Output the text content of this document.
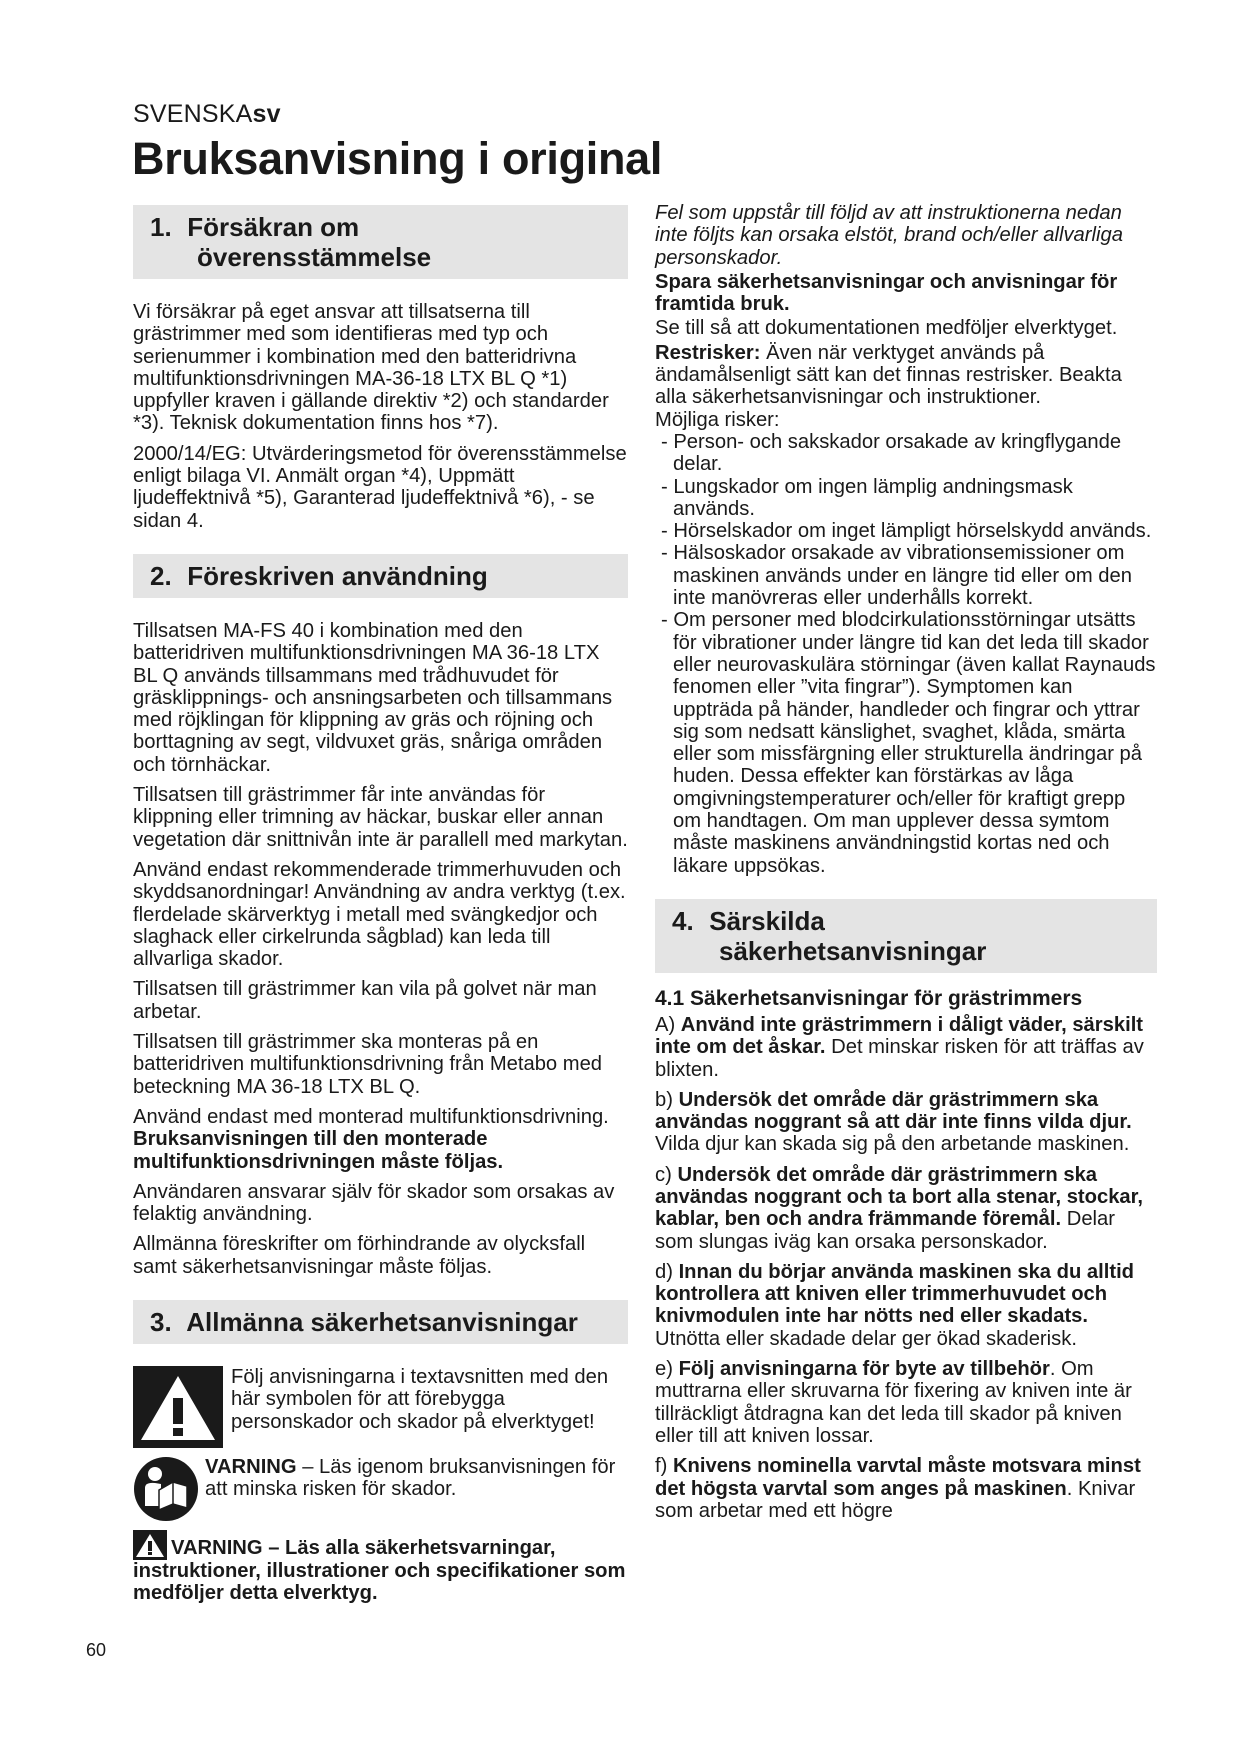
SVENSKAsv
Bruksanvisning i original
1. Försäkran om
överensstämmelse

Vi försäkrar på eget ansvar att tillsatserna till grästrimmer med som identifieras med typ och serienummer i kombination med den batteridrivna multifunktionsdrivningen MA-36-18 LTX BL Q *1) uppfyller kraven i gällande direktiv *2) och standarder *3). Teknisk dokumentation finns hos *7).

2000/14/EG: Utvärderingsmetod för överensstämmelse enligt bilaga VI. Anmält organ *4), Uppmätt ljudeffektnivå *5), Garanterad ljudeffektnivå *6), - se sidan 4.

2. Föreskriven användning

Tillsatsen MA-FS 40 i kombination med den batteridriven multifunktionsdrivningen MA 36-18 LTX BL Q används tillsammans med trådhuvudet för gräsklippnings- och ansningsarbeten och tillsammans med röjklingan för klippning av gräs och röjning och borttagning av segt, vildvuxet gräs, snåriga områden och törnhäckar.

Tillsatsen till grästrimmer får inte användas för klippning eller trimning av häckar, buskar eller annan vegetation där snittnivån inte är parallell med markytan.

Använd endast rekommenderade trimmerhuvuden och skyddsanordningar! Användning av andra verktyg (t.ex. flerdelade skärverktyg i metall med svängkedjor och slaghack eller cirkelrunda sågblad) kan leda till allvarliga skador.

Tillsatsen till grästrimmer kan vila på golvet när man arbetar.

Tillsatsen till grästrimmer ska monteras på en batteridriven multifunktionsdrivning från Metabo med beteckning MA 36-18 LTX BL Q.

Använd endast med monterad multifunktionsdrivning. Bruksanvisningen till den monterade multifunktionsdrivningen måste följas.

Användaren ansvarar själv för skador som orsakas av felaktig användning.

Allmänna föreskrifter om förhindrande av olycksfall samt säkerhetsanvisningar måste följas.

3. Allmänna säkerhetsanvisningar
Följ anvisningarna i textavsnitten med den här symbolen för att förebygga personskador och skador på elverktyget!
VARNING – Läs igenom bruksanvisningen för att minska risken för skador.

VARNING – Läs alla säkerhetsvarningar, instruktioner, illustrationer och specifikationer som medföljer detta elverktyg.

Fel som uppstår till följd av att instruktionerna nedan inte följts kan orsaka elstöt, brand och/eller allvarliga personskador.

Spara säkerhetsanvisningar och anvisningar för framtida bruk.

Se till så att dokumentationen medföljer elverktyget.

Restrisker: Även när verktyget används på ändamålsenligt sätt kan det finnas restrisker. Beakta alla säkerhetsanvisningar och instruktioner.

Möjliga risker:

- Person- och sakskador orsakade av kringflygande delar.
- Lungskador om ingen lämplig andningsmask används.
- Hörselskador om inget lämpligt hörselskydd används.
- Hälsoskador orsakade av vibrationsemissioner om maskinen används under en längre tid eller om den inte manövreras eller underhålls korrekt.
- Om personer med blodcirkulationsstörningar utsätts för vibrationer under längre tid kan det leda till skador eller neurovaskulära störningar (även kallat Raynauds fenomen eller ”vita fingrar”). Symptomen kan uppträda på händer, handleder och fingrar och yttrar sig som nedsatt känslighet, svaghet, klåda, smärta eller som missfärgning eller strukturella ändringar på huden. Dessa effekter kan förstärkas av låga omgivningstemperaturer och/eller för kraftigt grepp om handtagen. Om man upplever dessa symtom måste maskinens användningstid kortas ned och läkare uppsökas.
4. Särskilda
säkerhetsanvisningar
4.1 Säkerhetsanvisningar för grästrimmers

A) Använd inte grästrimmern i dåligt väder, särskilt inte om det åskar. Det minskar risken för att träffas av blixten.

b) Undersök det område där grästrimmern ska användas noggrant så att där inte finns vilda djur. Vilda djur kan skada sig på den arbetande maskinen.

c) Undersök det område där grästrimmern ska användas noggrant och ta bort alla stenar, stockar, kablar, ben och andra främmande föremål. Delar som slungas iväg kan orsaka personskador.

d) Innan du börjar använda maskinen ska du alltid kontrollera att kniven eller trimmerhuvudet och knivmodulen inte har nötts ned eller skadats. Utnötta eller skadade delar ger ökad skaderisk.

e) Följ anvisningarna för byte av tillbehör. Om muttrarna eller skruvarna för fixering av kniven inte är tillräckligt åtdragna kan det leda till skador på kniven eller till att kniven lossar.

f) Knivens nominella varvtal måste motsvara minst det högsta varvtal som anges på maskinen. Knivar som arbetar med ett högre

60
